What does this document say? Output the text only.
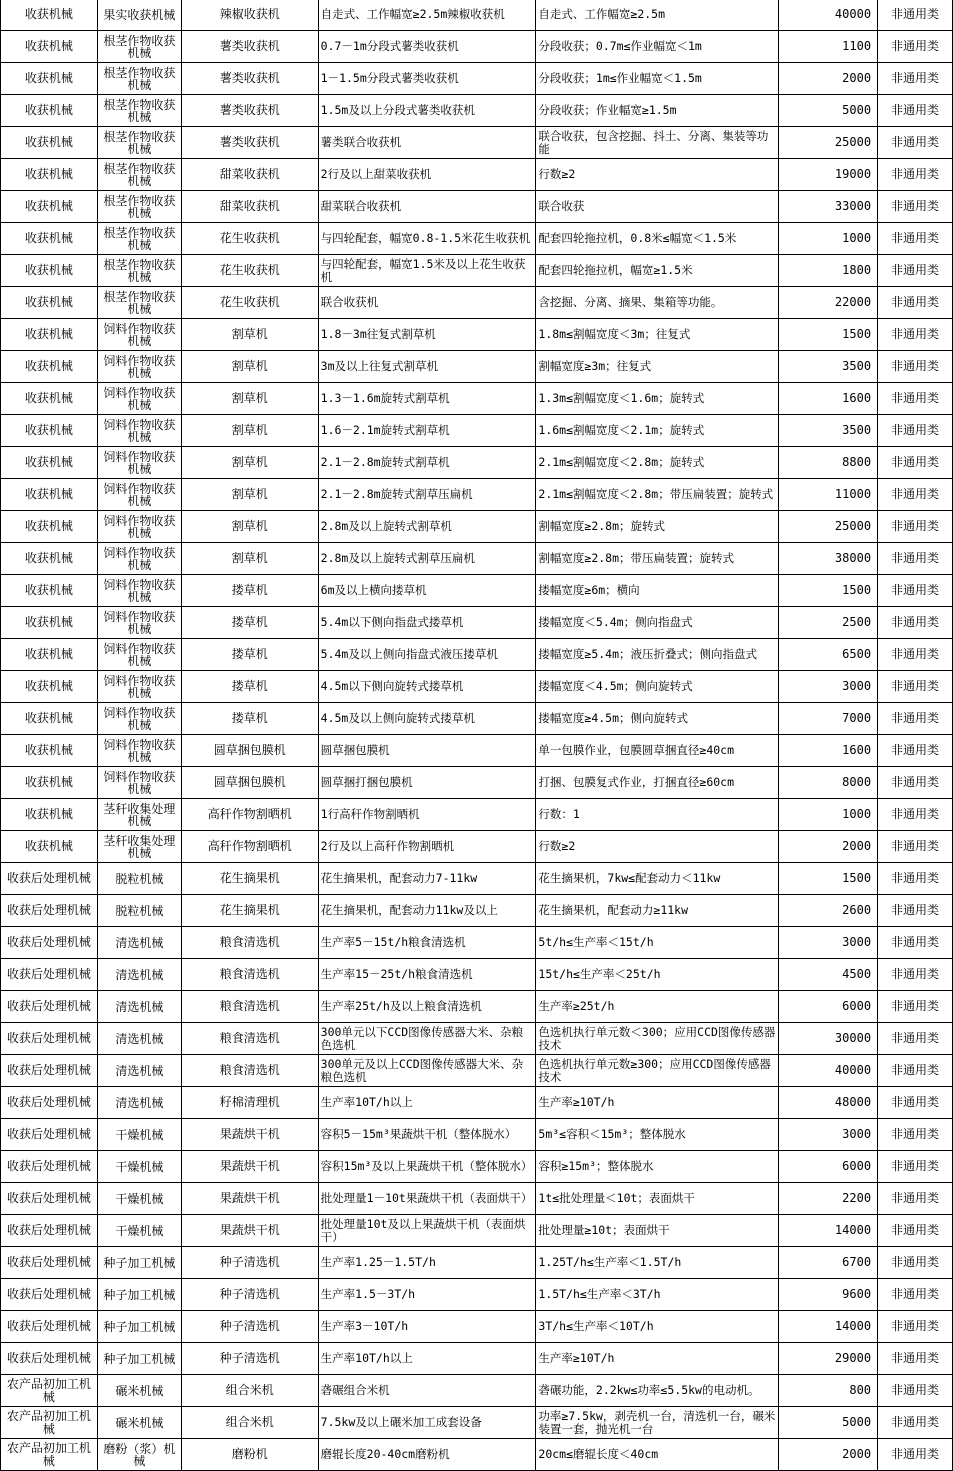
收获机械	果实收获机械	辣椒收获机	自走式、工作幅宽≥2.5m辣椒收获机	自走式、工作幅宽≥2.5m	40000	非通用类
收获机械	根茎作物收获机械	薯类收获机	0.7－1m分段式薯类收获机	分段收获；0.7m≤作业幅宽＜1m	1100	非通用类
收获机械	根茎作物收获机械	薯类收获机	1－1.5m分段式薯类收获机	分段收获；1m≤作业幅宽＜1.5m	2000	非通用类
收获机械	根茎作物收获机械	薯类收获机	1.5m及以上分段式薯类收获机	分段收获；作业幅宽≥1.5m	5000	非通用类
收获机械	根茎作物收获机械	薯类收获机	薯类联合收获机	联合收获，包含挖掘、抖土、分离、集装等功能	25000	非通用类
收获机械	根茎作物收获机械	甜菜收获机	2行及以上甜菜收获机	行数≥2	19000	非通用类
收获机械	根茎作物收获机械	甜菜收获机	甜菜联合收获机	联合收获	33000	非通用类
收获机械	根茎作物收获机械	花生收获机	与四轮配套，幅宽0.8-1.5米花生收获机	配套四轮拖拉机，0.8米≤幅宽＜1.5米	1000	非通用类
收获机械	根茎作物收获机械	花生收获机	与四轮配套，幅宽1.5米及以上花生收获机	配套四轮拖拉机，幅宽≥1.5米	1800	非通用类
收获机械	根茎作物收获机械	花生收获机	联合收获机	含挖掘、分离、摘果、集箱等功能。	22000	非通用类
收获机械	饲料作物收获机械	割草机	1.8－3m往复式割草机	1.8m≤割幅宽度＜3m；往复式	1500	非通用类
收获机械	饲料作物收获机械	割草机	3m及以上往复式割草机	割幅宽度≥3m；往复式	3500	非通用类
收获机械	饲料作物收获机械	割草机	1.3－1.6m旋转式割草机	1.3m≤割幅宽度＜1.6m；旋转式	1600	非通用类
收获机械	饲料作物收获机械	割草机	1.6－2.1m旋转式割草机	1.6m≤割幅宽度＜2.1m；旋转式	3500	非通用类
收获机械	饲料作物收获机械	割草机	2.1－2.8m旋转式割草机	2.1m≤割幅宽度＜2.8m；旋转式	8800	非通用类
收获机械	饲料作物收获机械	割草机	2.1－2.8m旋转式割草压扁机	2.1m≤割幅宽度＜2.8m；带压扁装置；旋转式	11000	非通用类
收获机械	饲料作物收获机械	割草机	2.8m及以上旋转式割草机	割幅宽度≥2.8m；旋转式	25000	非通用类
收获机械	饲料作物收获机械	割草机	2.8m及以上旋转式割草压扁机	割幅宽度≥2.8m；带压扁装置；旋转式	38000	非通用类
收获机械	饲料作物收获机械	搂草机	6m及以上横向搂草机	搂幅宽度≥6m；横向	1500	非通用类
收获机械	饲料作物收获机械	搂草机	5.4m以下侧向指盘式搂草机	搂幅宽度＜5.4m；侧向指盘式	2500	非通用类
收获机械	饲料作物收获机械	搂草机	5.4m及以上侧向指盘式液压搂草机	搂幅宽度≥5.4m；液压折叠式；侧向指盘式	6500	非通用类
收获机械	饲料作物收获机械	搂草机	4.5m以下侧向旋转式搂草机	搂幅宽度＜4.5m；侧向旋转式	3000	非通用类
收获机械	饲料作物收获机械	搂草机	4.5m及以上侧向旋转式搂草机	搂幅宽度≥4.5m；侧向旋转式	7000	非通用类
收获机械	饲料作物收获机械	圆草捆包膜机	圆草捆包膜机	单一包膜作业，包膜圆草捆直径≥40cm	1600	非通用类
收获机械	饲料作物收获机械	圆草捆包膜机	圆草捆打捆包膜机	打捆、包膜复式作业，打捆直径≥60cm	8000	非通用类
收获机械	茎秆收集处理机械	高秆作物割晒机	1行高秆作物割晒机	行数：1	1000	非通用类
收获机械	茎秆收集处理机械	高秆作物割晒机	2行及以上高秆作物割晒机	行数≥2	2000	非通用类
收获后处理机械	脱粒机械	花生摘果机	花生摘果机，配套动力7-11kw	花生摘果机，7kw≤配套动力＜11kw	1500	非通用类
收获后处理机械	脱粒机械	花生摘果机	花生摘果机，配套动力11kw及以上	花生摘果机，配套动力≥11kw	2600	非通用类
收获后处理机械	清选机械	粮食清选机	生产率5－15t/h粮食清选机	5t/h≤生产率＜15t/h	3000	非通用类
收获后处理机械	清选机械	粮食清选机	生产率15－25t/h粮食清选机	15t/h≤生产率＜25t/h	4500	非通用类
收获后处理机械	清选机械	粮食清选机	生产率25t/h及以上粮食清选机	生产率≥25t/h	6000	非通用类
收获后处理机械	清选机械	粮食清选机	300单元以下CCD图像传感器大米、杂粮色选机	色选机执行单元数＜300；应用CCD图像传感器技术	30000	非通用类
收获后处理机械	清选机械	粮食清选机	300单元及以上CCD图像传感器大米、杂粮色选机	色选机执行单元数≥300；应用CCD图像传感器技术	40000	非通用类
收获后处理机械	清选机械	籽棉清理机	生产率10T/h以上	生产率≥10T/h	48000	非通用类
收获后处理机械	干燥机械	果蔬烘干机	容积5－15m³果蔬烘干机（整体脱水）	5m³≤容积＜15m³；整体脱水	3000	非通用类
收获后处理机械	干燥机械	果蔬烘干机	容积15m³及以上果蔬烘干机（整体脱水）	容积≥15m³；整体脱水	6000	非通用类
收获后处理机械	干燥机械	果蔬烘干机	批处理量1－10t果蔬烘干机（表面烘干）	1t≤批处理量＜10t；表面烘干	2200	非通用类
收获后处理机械	干燥机械	果蔬烘干机	批处理量10t及以上果蔬烘干机（表面烘干）	批处理量≥10t；表面烘干	14000	非通用类
收获后处理机械	种子加工机械	种子清选机	生产率1.25－1.5T/h	1.25T/h≤生产率＜1.5T/h	6700	非通用类
收获后处理机械	种子加工机械	种子清选机	生产率1.5－3T/h	1.5T/h≤生产率＜3T/h	9600	非通用类
收获后处理机械	种子加工机械	种子清选机	生产率3－10T/h	3T/h≤生产率＜10T/h	14000	非通用类
收获后处理机械	种子加工机械	种子清选机	生产率10T/h以上	生产率≥10T/h	29000	非通用类
农产品初加工机械	碾米机械	组合米机	砻碾组合米机	砻碾功能，2.2kw≤功率≤5.5kw的电动机。	800	非通用类
农产品初加工机械	碾米机械	组合米机	7.5kw及以上碾米加工成套设备	功率≥7.5kw，剥壳机一台，清选机一台，碾米装置一套，抛光机一台	5000	非通用类
农产品初加工机械	磨粉（浆）机械	磨粉机	磨辊长度20-40cm磨粉机	20cm≤磨辊长度＜40cm	2000	非通用类
